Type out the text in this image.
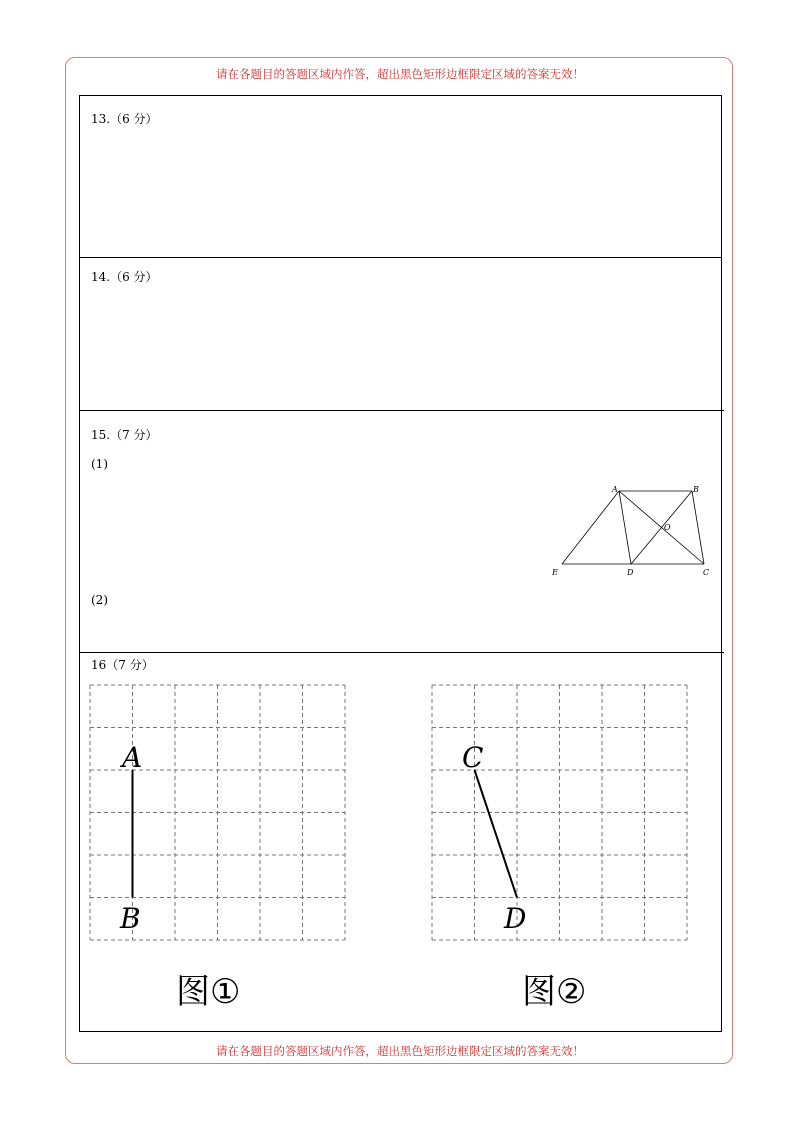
请在各题目的答题区域内作答，超出黑色矩形边框限定区域的答案无效！
请在各题目的答题区域内作答，超出黑色矩形边框限定区域的答案无效！
13.（6 分）
14.（6 分）
15.（7 分）
(1)
(2)
A	B
C
D
E
O
16（7 分）
A
B
图①
C
D
图②
